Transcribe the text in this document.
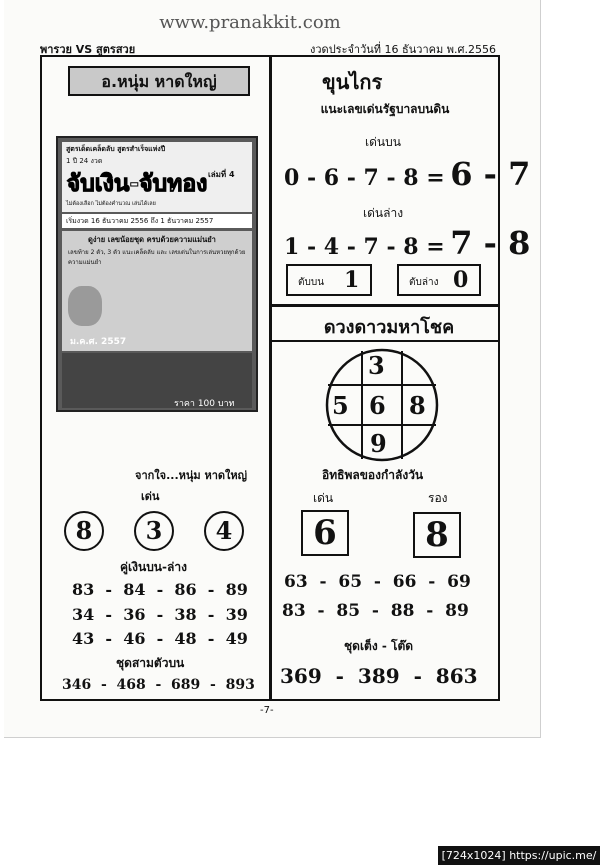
www.pranakkit.com
พารวย VS สูตรสวย	งวดประจำวันที่ 16 ธันวาคม พ.ศ.2556
อ.หนุ่ม หาดใหญ่
สูตรเด็ดเคล็ดลับ สูตรสำเร็จแห่งปี
1 ปี 24 งวด
เล่มที่ 4
จับเงิน-จับทอง
ไม่ต้องเลือก ไม่ต้องคำนวณ เล่นได้เลย
เริ่มงวด 16 ธันวาคม 2556 ถึง 1 ธันวาคม 2557
ดูง่าย เลขน้อยชุด ครบด้วยความแม่นยำ
เลขท้าย 2 ตัว, 3 ตัว แนะเคล็ดลับ และ เลขเด่นในการเล่นหวยทุกด้วยความแม่นยำ
ม.ค.ศ. 2557
ราคา 100 บาท
จากใจ...หนุ่ม หาดใหญ่
เด่น
8	3	4
คู่เงินบน-ล่าง
83  -  84  -  86  -  89
34  -  36  -  38  -  39
43  -  46  -  48  -  49
ชุดสามตัวบน
346  -  468  -  689  -  893
ขุนไกร
แนะเลขเด่นรัฐบาลบนดิน
เด่นบน
0 - 6 - 7 - 8 = 6 - 7
เด่นล่าง
1 - 4 - 7 - 8 = 7 - 8
ตับบน 1	ตับล่าง 0
ดวงดาวมหาโชค
3
5 6 8
9
อิทธิพลของกำลังวัน
เด่น	รอง
6	8
63  -  65  -  66  -  69
83  -  85  -  88  -  89
ชุดเต็ง - โต๊ด
369  -  389  -  863
-7-
[724x1024] https://upic.me/
